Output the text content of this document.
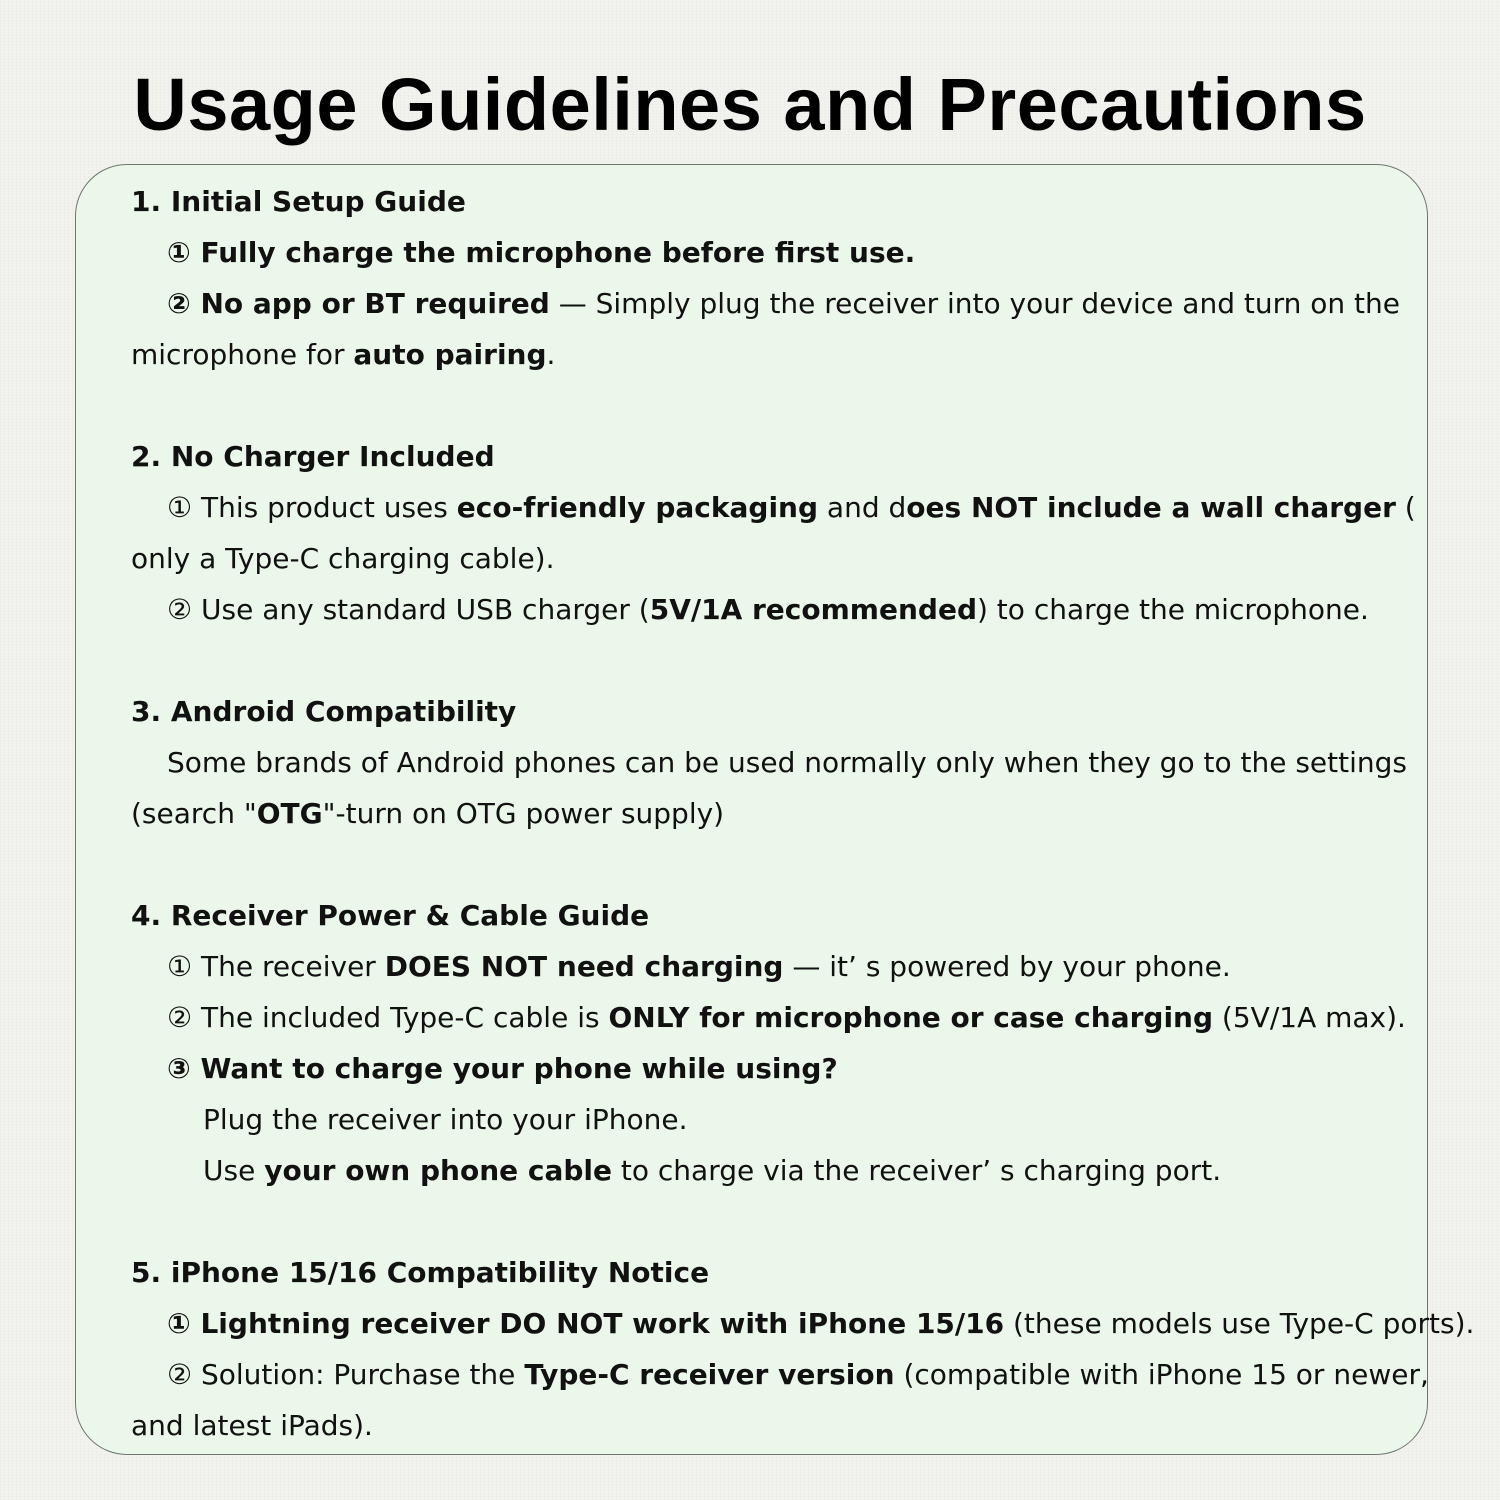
Usage Guidelines and Precautions

1. Initial Setup Guide

① Fully charge the microphone before first use.

② No app or BT required — Simply plug the receiver into your device and turn on the microphone for auto pairing.

2. No Charger Included

① This product uses eco-friendly packaging and does NOT include a wall charger ( only a Type-C charging cable).

② Use any standard USB charger (5V/1A recommended) to charge the microphone.

3. Android Compatibility

Some brands of Android phones can be used normally only when they go to the settings (search "OTG"-turn on OTG power supply)

4. Receiver Power & Cable Guide

① The receiver DOES NOT need charging — it’ s powered by your phone.

② The included Type-C cable is ONLY for microphone or case charging (5V/1A max).

③ Want to charge your phone while using?

Plug the receiver into your iPhone.

Use your own phone cable to charge via the receiver’ s charging port.

5. iPhone 15/16 Compatibility Notice

① Lightning receiver DO NOT work with iPhone 15/16 (these models use Type-C ports).

② Solution: Purchase the Type-C receiver version (compatible with iPhone 15 or newer, and latest iPads).
